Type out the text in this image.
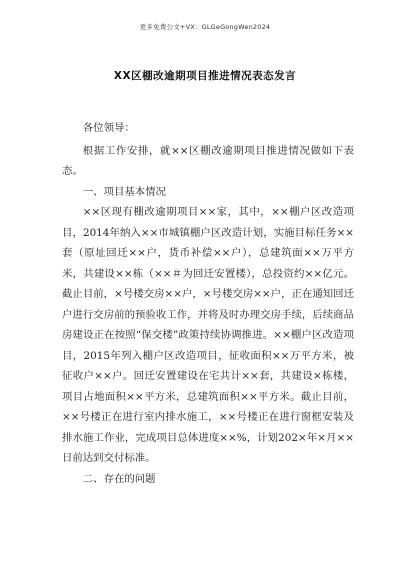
更多免费公文+VX：GLGeGongWen2024
XX区棚改逾期项目推进情况表态发言

各位领导：

根据工作安排，就××区棚改逾期项目推进情况做如下表态。

一、项目基本情况

××区现有棚改逾期项目××家，其中，××棚户区改造项目，2014年纳入××市城镇棚户区改造计划，实施目标任务××套（原址回迁××户，货币补偿××户），总建筑面××万平方米，共建设××栋（××＃为回迁安置楼），总投资约××亿元。截止目前，×号楼交房××户，×号楼交房××户，正在通知回迁户进行交房前的预验收工作，并将及时办理交房手续，后续商品房建设正在按照“保交楼”政策持续协调推进。××棚户区改造项目，2015年列入棚户区改造项目，征收面积××万平方米，被征收户××户。回迁安置建设在宅共计××套，共建设×栋楼，项目占地面积××平方米，总建筑面积××平方米。截止目前，××号楼正在进行室内排水施工，××号楼正在进行窗框安装及排水施工作业，完成项目总体进度××%，计划202×年×月××日前达到交付标准。

二、存在的问题
